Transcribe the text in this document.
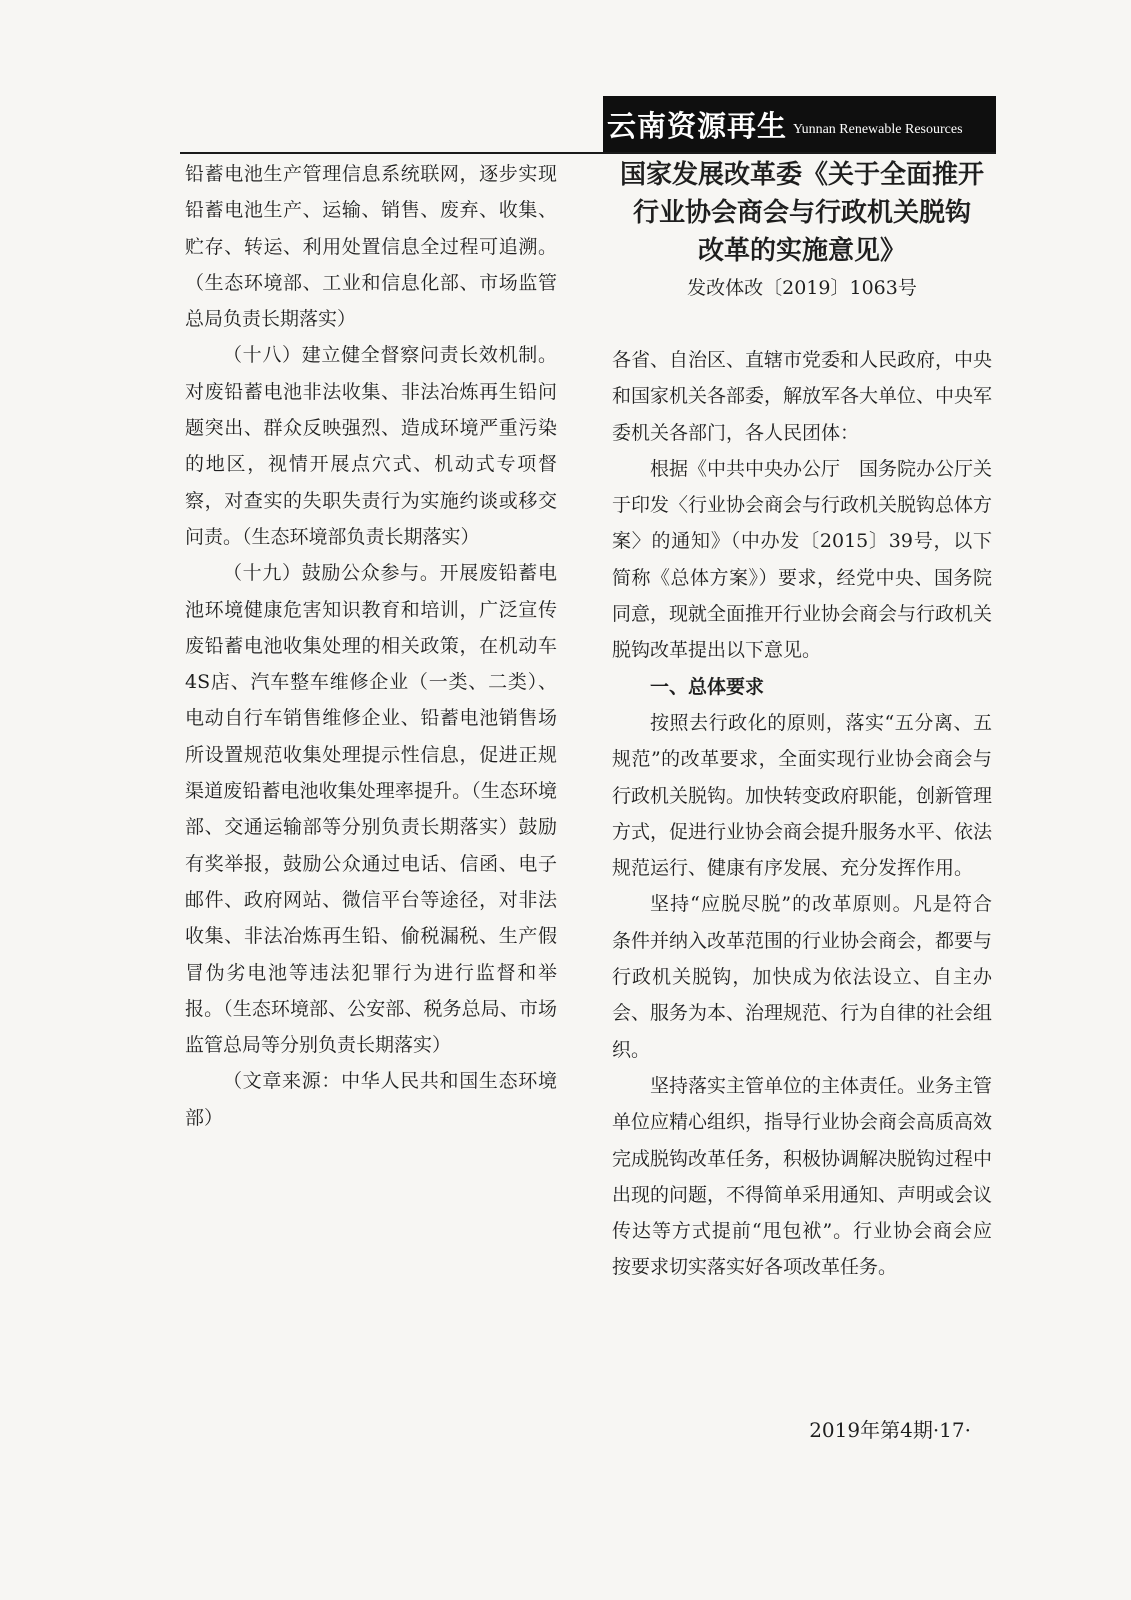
云南资源再生 Yunnan Renewable Resources

铅蓄电池生产管理信息系统联网，逐步实现铅蓄电池生产、运输、销售、废弃、收集、贮存、转运、利用处置信息全过程可追溯。（生态环境部、工业和信息化部、市场监管总局负责长期落实）

（十八）建立健全督察问责长效机制。对废铅蓄电池非法收集、非法冶炼再生铅问题突出、群众反映强烈、造成环境严重污染的地区，视情开展点穴式、机动式专项督察，对查实的失职失责行为实施约谈或移交问责。（生态环境部负责长期落实）

（十九）鼓励公众参与。开展废铅蓄电池环境健康危害知识教育和培训，广泛宣传废铅蓄电池收集处理的相关政策，在机动车4S店、汽车整车维修企业（一类、二类）、电动自行车销售维修企业、铅蓄电池销售场所设置规范收集处理提示性信息，促进正规渠道废铅蓄电池收集处理率提升。（生态环境部、交通运输部等分别负责长期落实）鼓励有奖举报，鼓励公众通过电话、信函、电子邮件、政府网站、微信平台等途径，对非法收集、非法冶炼再生铅、偷税漏税、生产假冒伪劣电池等违法犯罪行为进行监督和举报。（生态环境部、公安部、税务总局、市场监管总局等分别负责长期落实）

（文章来源：中华人民共和国生态环境部）

国家发展改革委《关于全面推开

行业协会商会与行政机关脱钩

改革的实施意见》

发改体改〔2019〕1063号

各省、自治区、直辖市党委和人民政府，中央和国家机关各部委，解放军各大单位、中央军委机关各部门，各人民团体：

根据《中共中央办公厅　国务院办公厅关于印发〈行业协会商会与行政机关脱钩总体方案〉的通知》（中办发〔2015〕39号，以下简称《总体方案》）要求，经党中央、国务院同意，现就全面推开行业协会商会与行政机关脱钩改革提出以下意见。

一、总体要求

按照去行政化的原则，落实“五分离、五规范”的改革要求，全面实现行业协会商会与行政机关脱钩。加快转变政府职能，创新管理方式，促进行业协会商会提升服务水平、依法规范运行、健康有序发展、充分发挥作用。

坚持“应脱尽脱”的改革原则。凡是符合条件并纳入改革范围的行业协会商会，都要与行政机关脱钩，加快成为依法设立、自主办会、服务为本、治理规范、行为自律的社会组织。

坚持落实主管单位的主体责任。业务主管单位应精心组织，指导行业协会商会高质高效完成脱钩改革任务，积极协调解决脱钩过程中出现的问题，不得简单采用通知、声明或会议传达等方式提前“甩包袱”。行业协会商会应按要求切实落实好各项改革任务。

2019年第4期·17·
